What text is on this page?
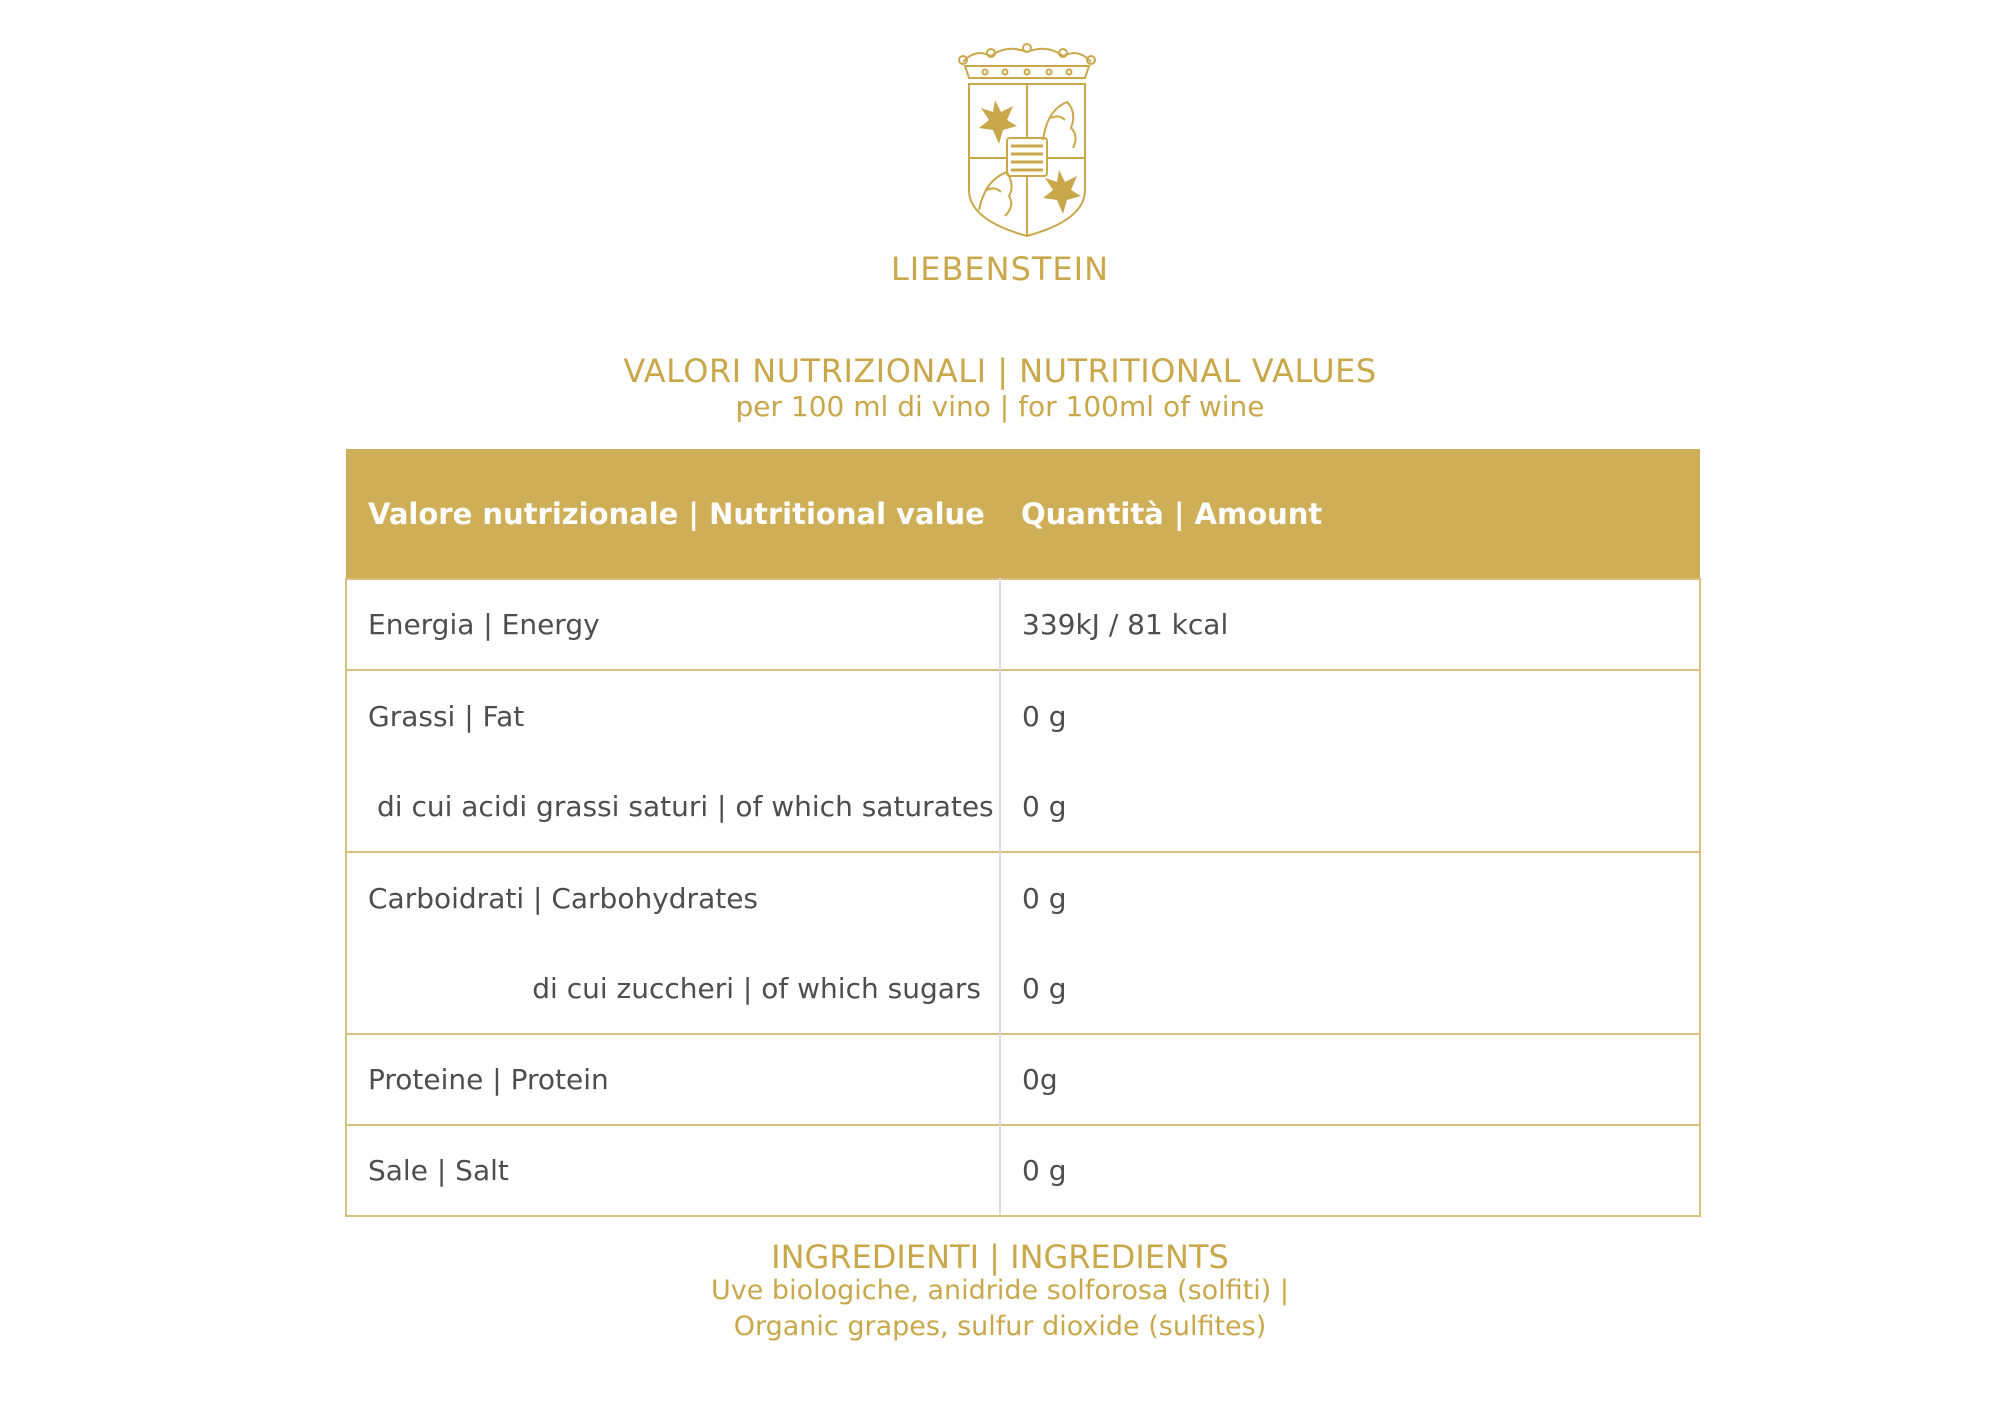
LIEBENSTEIN
VALORI NUTRIZIONALI | NUTRITIONAL VALUES

per 100 ml di vino | for 100ml of wine

Valore nutrizionale | Nutritional value	Quantità | Amount
Energia | Energy	339kJ / 81 kcal
Grassi | Fat	0 g
di cui acidi grassi saturi | of which saturates	0 g
Carboidrati | Carbohydrates	0 g
di cui zuccheri | of which sugars	0 g
Proteine | Protein	0g
Sale | Salt	0 g
INGREDIENTI | INGREDIENTS

Uve biologiche, anidride solforosa (solfiti) |

Organic grapes, sulfur dioxide (sulfites)
